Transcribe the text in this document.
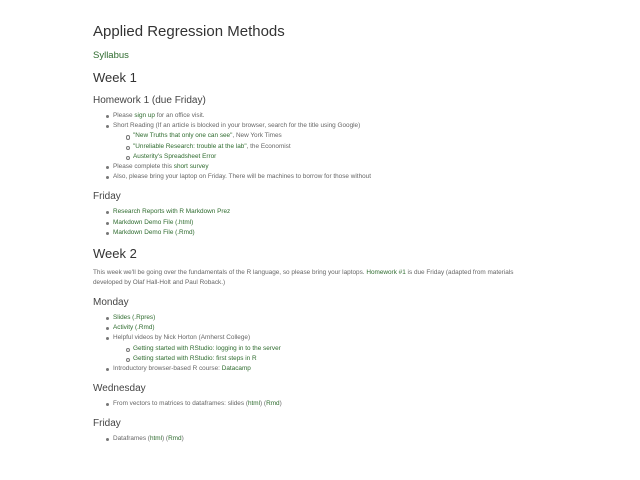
Applied Regression Methods
Syllabus
Week 1
Homework 1 (due Friday)
Please sign up for an office visit.
Short Reading (If an article is blocked in your browser, search for the title using Google)
"New Truths that only one can see", New York Times
"Unreliable Research: trouble at the lab", the Economist
Austerity's Spreadsheet Error
Please complete this short survey
Also, please bring your laptop on Friday. There will be machines to borrow for those without
Friday
Research Reports with R Markdown Prez
Markdown Demo File (.html)
Markdown Demo File (.Rmd)
Week 2

This week we'll be going over the fundamentals of the R language, so please bring your laptops. Homework #1 is due Friday (adapted from materials developed by Olaf Hall-Holt and Paul Roback.)

Monday
Slides (.Rpres)
Activity (.Rmd)
Helpful videos by Nick Horton (Amherst College)
Getting started with RStudio: logging in to the server
Getting started with RStudio: first steps in R
Introductory browser-based R course: Datacamp
Wednesday
From vectors to matrices to dataframes: slides (html) (Rmd)
Friday
Dataframes (html) (Rmd)
